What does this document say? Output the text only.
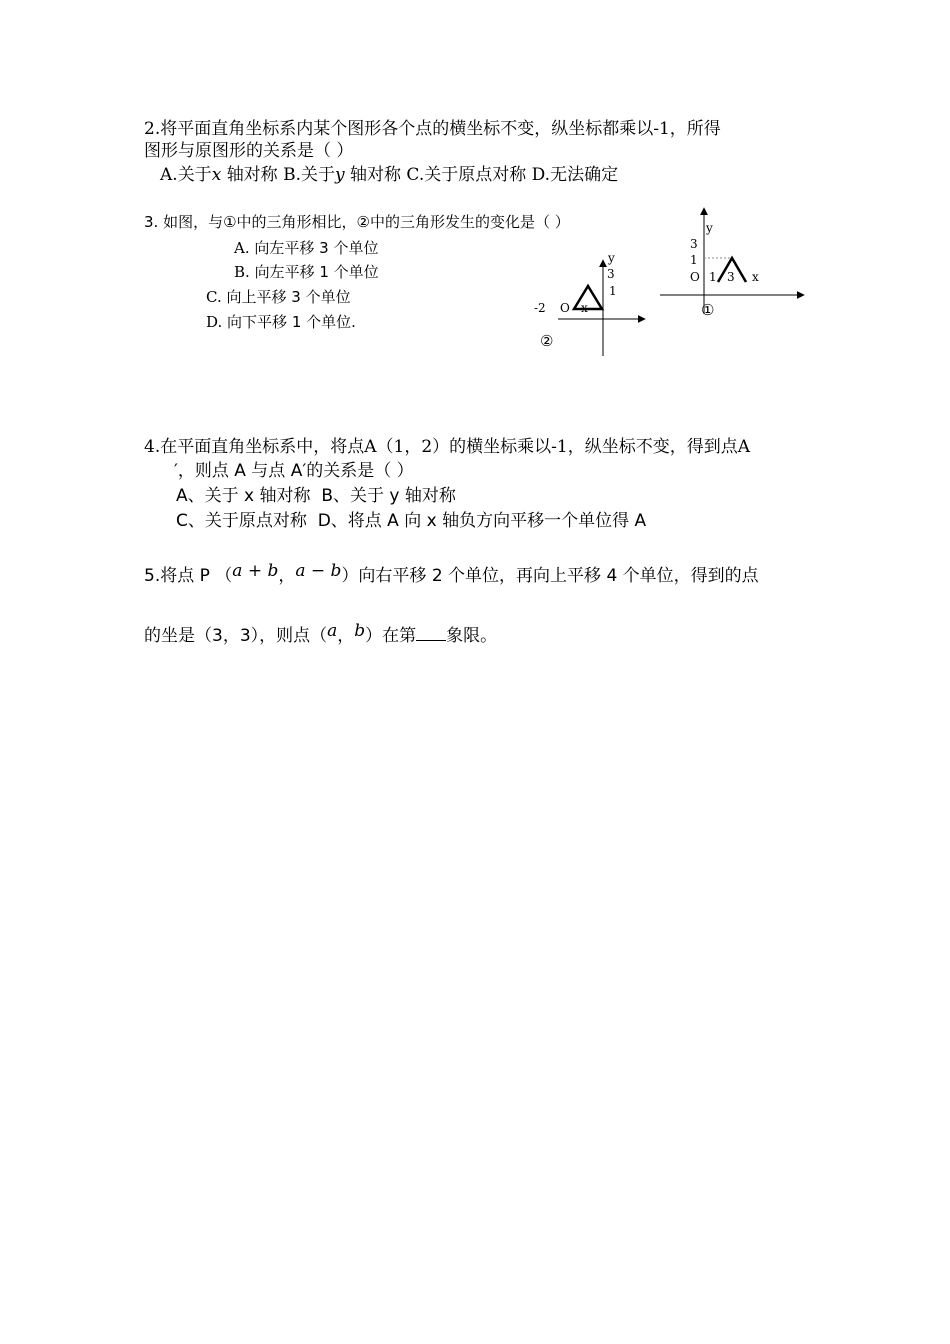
2.将平面直角坐标系内某个图形各个点的横坐标不变，纵坐标都乘以-1，所得
图形与原图形的关系是（ ）
A.关于x 轴对称 B.关于y 轴对称 C.关于原点对称 D.无法确定
3. 如图，与①中的三角形相比，②中的三角形发生的变化是（ ）
A. 向左平移 3 个单位
B. 向左平移 1 个单位
C. 向上平移 3 个单位
D. 向下平移 1 个单位.
y
3
1
-2 O x
②
y
3
1
O 1 3 x
①
4.在平面直角坐标系中，将点A（1，2）的横坐标乘以-1，纵坐标不变，得到点A
′，则点 A 与点 A′的关系是（ ）
A、关于 x 轴对称 B、关于 y 轴对称
C、关于原点对称 D、将点 A 向 x 轴负方向平移一个单位得 A
5.将点 P （a + b，a − b）向右平移 2 个单位，再向上平移 4 个单位，得到的点
的坐是（3，3），则点（a，b）在第 象限。
